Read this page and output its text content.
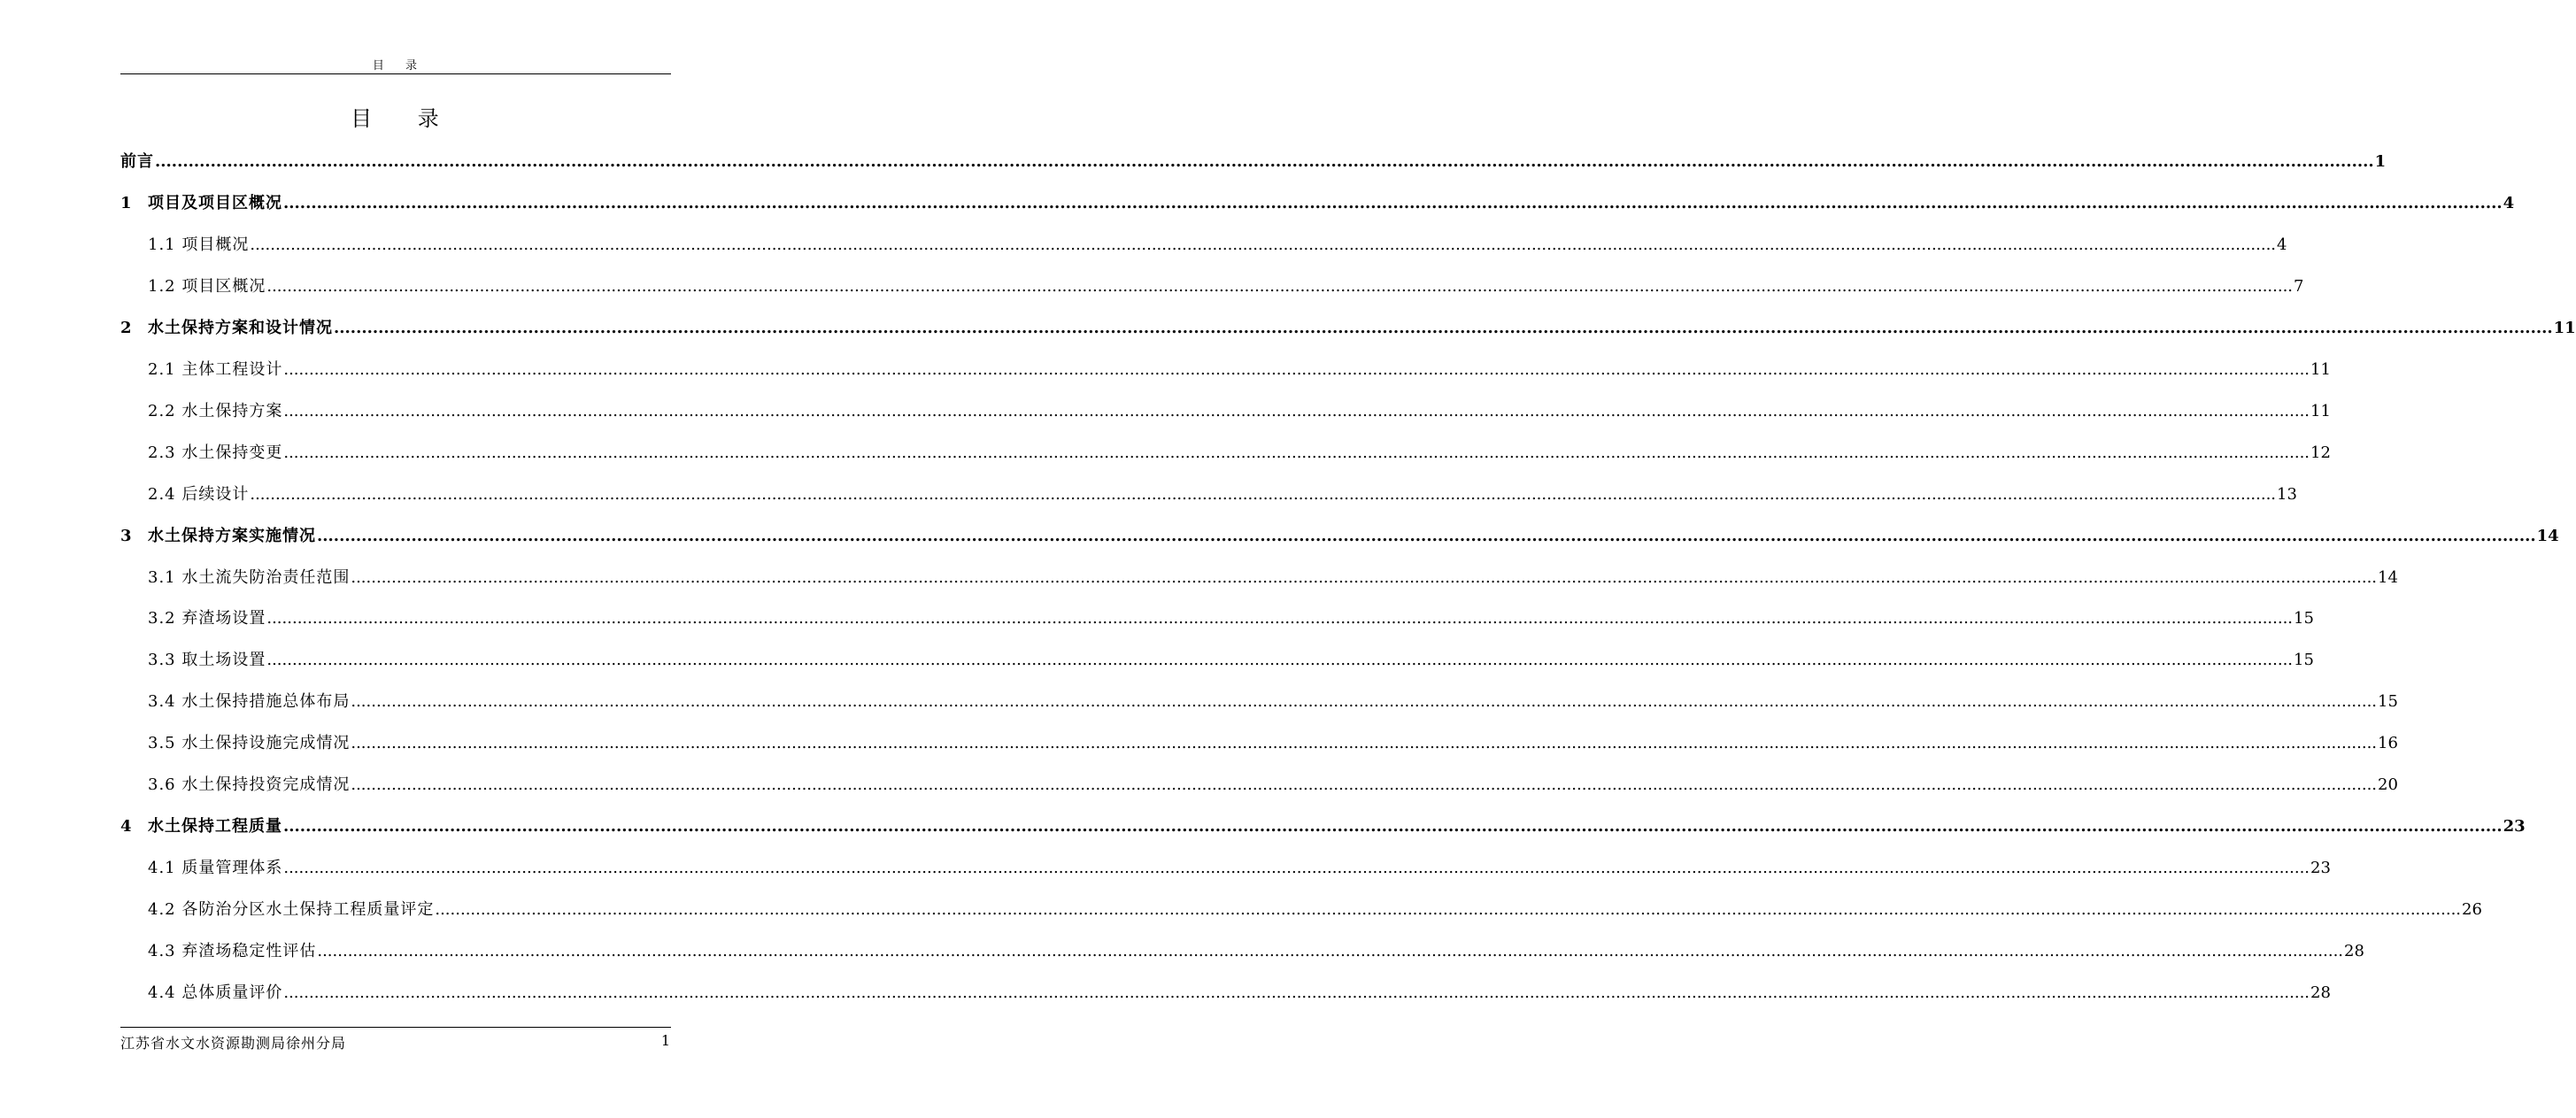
目 录
目 录
前言 ................................................................................................................................................................................................................................................................................................................................................................................................................ 1
1	项目及项目区概况 ................................................................................................................................................................................................................................................................................................................................................................................................................ 4
1.1 项目概况 ................................................................................................................................................................................................................................................................................................................................................................................................................ 4
1.2 项目区概况 ................................................................................................................................................................................................................................................................................................................................................................................................................ 7
2	水土保持方案和设计情况 ................................................................................................................................................................................................................................................................................................................................................................................................................ 11
2.1 主体工程设计 ................................................................................................................................................................................................................................................................................................................................................................................................................ 11
2.2 水土保持方案 ................................................................................................................................................................................................................................................................................................................................................................................................................ 11
2.3 水土保持变更 ................................................................................................................................................................................................................................................................................................................................................................................................................ 12
2.4 后续设计 ................................................................................................................................................................................................................................................................................................................................................................................................................ 13
3	水土保持方案实施情况 ................................................................................................................................................................................................................................................................................................................................................................................................................ 14
3.1 水土流失防治责任范围 ................................................................................................................................................................................................................................................................................................................................................................................................................ 14
3.2 弃渣场设置 ................................................................................................................................................................................................................................................................................................................................................................................................................ 15
3.3 取土场设置 ................................................................................................................................................................................................................................................................................................................................................................................................................ 15
3.4 水土保持措施总体布局 ................................................................................................................................................................................................................................................................................................................................................................................................................ 15
3.5 水土保持设施完成情况 ................................................................................................................................................................................................................................................................................................................................................................................................................ 16
3.6 水土保持投资完成情况 ................................................................................................................................................................................................................................................................................................................................................................................................................ 20
4	水土保持工程质量 ................................................................................................................................................................................................................................................................................................................................................................................................................ 23
4.1 质量管理体系 ................................................................................................................................................................................................................................................................................................................................................................................................................ 23
4.2 各防治分区水土保持工程质量评定 ................................................................................................................................................................................................................................................................................................................................................................................................................ 26
4.3 弃渣场稳定性评估 ................................................................................................................................................................................................................................................................................................................................................................................................................ 28
4.4 总体质量评价 ................................................................................................................................................................................................................................................................................................................................................................................................................ 28
江苏省水文水资源勘测局徐州分局	1
